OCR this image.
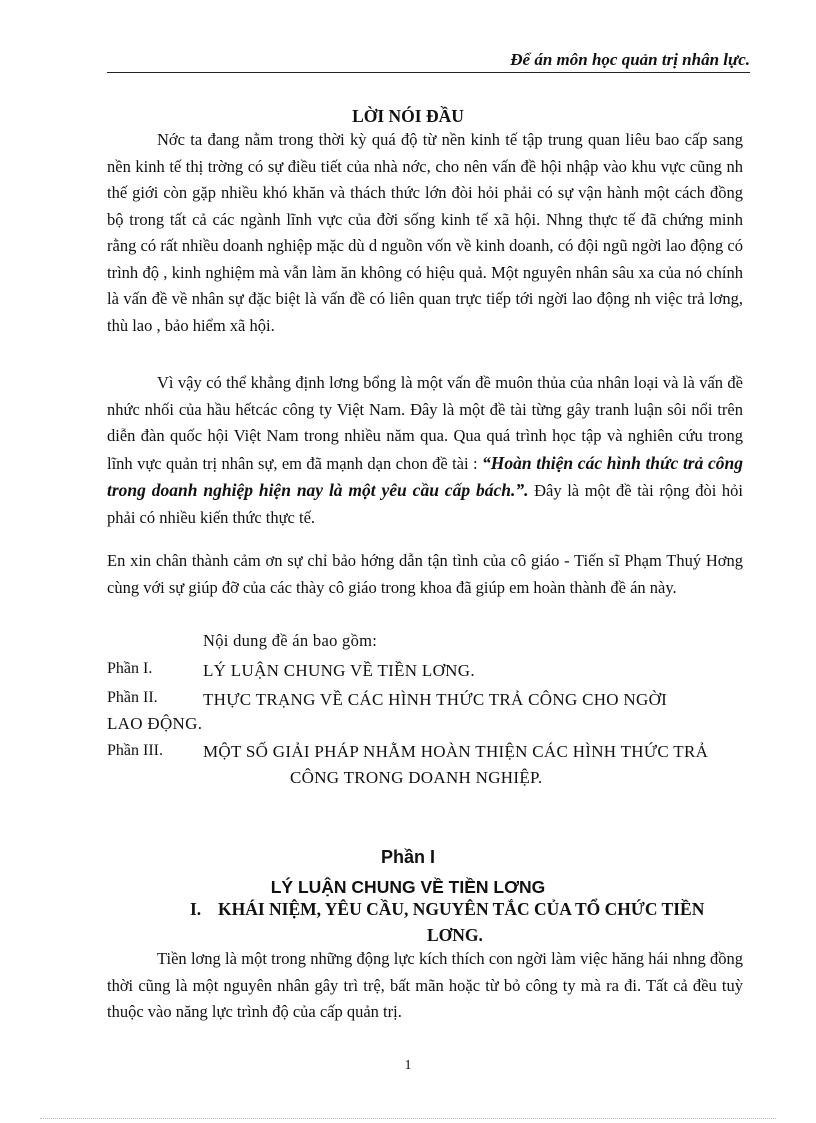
Để án môn học quản trị nhân lực.
LỜI NÓI ĐẦU

Nớc ta đang nằm trong thời kỳ quá độ từ nền kinh tế tập trung quan liêu bao cấp sang nền kinh tế thị trờng có sự điều tiết của nhà nớc, cho nên vấn đề hội nhập vào khu vực cũng nh thế giới còn gặp nhiều khó khăn và thách thức lớn đòi hỏi phải có sự vận hành một cách đồng bộ trong tất cả các ngành lĩnh vực của đời sống kinh tế xã hội. Nhng thực tế đã chứng minh rằng có rất nhiều doanh nghiệp mặc dù d nguồn vốn về kinh doanh, có đội ngũ ngời lao động có trình độ , kinh nghiệm mà vẫn làm ăn không có hiệu quả. Một nguyên nhân sâu xa của nó chính là vấn đề về nhân sự đặc biệt là vấn đề có liên quan trực tiếp tới ngời lao động nh việc trả lơng, thù lao , bảo hiểm xã hội.

Vì vậy có thể khẳng định lơng bổng là một vấn đề muôn thủa của nhân loại và là vấn đề nhức nhối của hầu hếtcác công ty Việt Nam. Đây là một đề tài từng gây tranh luận sôi nổi trên diễn đàn quốc hội Việt Nam trong nhiều năm qua. Qua quá trình học tập và nghiên cứu trong lĩnh vực quản trị nhân sự, em đã mạnh dạn chon đề tài : “Hoàn thiện các hình thức trả công trong doanh nghiệp hiện nay là một yêu cầu cấp bách.”. Đây là một đề tài rộng đòi hỏi phải có nhiều kiến thức thực tế.

En xin chân thành cảm ơn sự chỉ bảo hớng dẫn tận tình của cô giáo - Tiến sĩ Phạm Thuý Hơng cùng với sự giúp đỡ của các thày cô giáo trong khoa đã giúp em hoàn thành đề án này.

Nội dung đề án bao gồm:
Phần I.	LÝ LUẬN CHUNG VỀ TIỀN LƠNG.
Phần II.	THỰC TRẠNG VỀ CÁC HÌNH THỨC TRẢ CÔNG CHO NGỜI
LAO ĐỘNG.
Phần III. MỘT SỐ GIẢI PHÁP NHẰM HOÀN THIỆN CÁC HÌNH THỨC TRẢ
CÔNG TRONG DOANH NGHIỆP.
Phần I
LÝ LUẬN CHUNG VỀ TIỀN LƠNG
I. KHÁI NIỆM, YÊU CẦU, NGUYÊN TẮC CỦA TỔ CHỨC TIỀN
LƠNG.

Tiền lơng là một trong những động lực kích thích con ngời làm việc hăng hái nhng đồng thời cũng là một nguyên nhân gây trì trệ, bất mãn hoặc từ bỏ công ty mà ra đi. Tất cả đều tuỳ thuộc vào năng lực trình độ của cấp quản trị.

1
